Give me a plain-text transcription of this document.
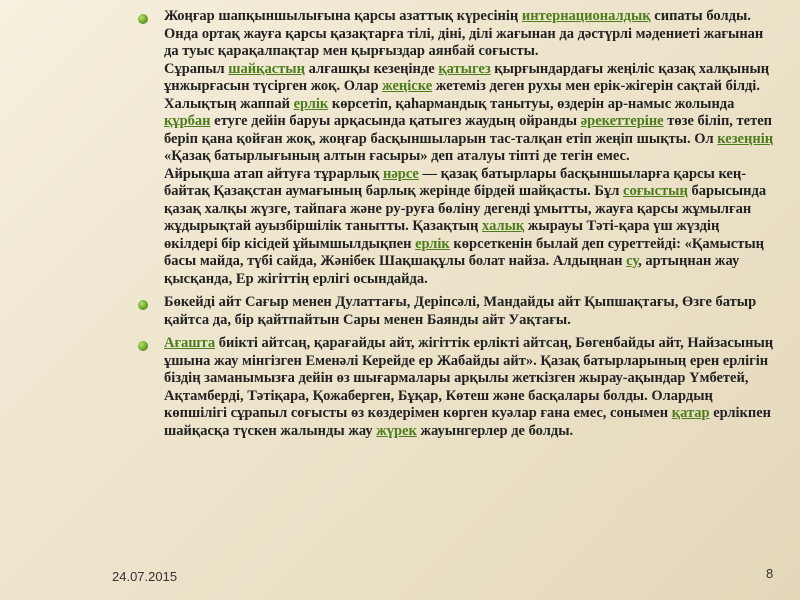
Жоңғар шапқыншылығына қарсы азаттық күресінің интернационалдық сипаты болды. Онда ортақ жауға қарсы қазақтарға тілі, діні, ділі жағынан да дәстүрлі мәдениеті жағынан да туыс қарақалпақтар мен қырғыздар аянбай соғысты.

Сұрапыл шайқастың алғашқы кезеңінде қатыгез қырғындардағы жеңіліс қазақ халқының ұнжырғасын түсірген жоқ. Олар жеңіске жетеміз деген рухы мен ерік-жігерін сақтай білді. Халықтың жаппай ерлік көрсетіп, қаһармандық танытуы, өздерін ар-намыс жолында құрбан етуге дейін баруы арқасында қатыгез жаудың ойранды әрекеттеріне төзе біліп, тетеп беріп қана қойған жоқ, жоңғар басқыншыларын тас-талқан етіп жеңіп шықты. Ол кезеңнің «Қазақ батырлығының алтын ғасыры» деп аталуы тіпті де тегін емес.

Айрықша атап айтуға тұрарлық нәрсе — қазақ батырлары басқыншыларға қарсы кең-байтақ Қазақстан аумағының барлық жерінде бірдей шайқасты. Бұл соғыстың барысында қазақ халқы жүзге, тайпаға және ру-руға бөліну дегенді ұмытты, жауға қарсы жұмылған жұдырықтай ауызбіршілік танытты. Қазақтың халық жырауы Тәті-қара үш жүздің өкілдері бір кісідей ұйымшылдықпен ерлік көрсеткенін былай деп суреттейді: «Қамыстың басы майда, түбі сайда, Жәнібек Шақшақұлы болат найза. Алдыңнан су, артыңнан жау қысқанда, Ер жігіттің ерлігі осындайда.

Бөкейді айт Сағыр менен Дулаттағы, Деріпсәлі, Мандайды айт Қыпшақтағы, Өзге батыр қайтса да, бір қайтпайтын Сары менен Баянды айт Уақтағы.

Ағашта биікті айтсаң, қарағайды айт, жігіттік ерлікті айтсаң, Бөгенбайды айт, Найзасының ұшына жау мінгізген Еменәлі Керейде ер Жабайды айт». Қазақ батырларының ерен ерлігін біздің заманымызға дейін өз шығармалары арқылы жеткізген жырау-ақындар Үмбетей, Ақтамберді, Тәтіқара, Қожаберген, Бұқар, Көтеш және басқалары болды. Олардың көпшілігі сұрапыл соғысты өз көздерімен көрген куәлар ғана емес, сонымен қатар ерлікпен шайқасқа түскен жалынды жау жүрек жауынгерлер де болды.

24.07.2015	8
